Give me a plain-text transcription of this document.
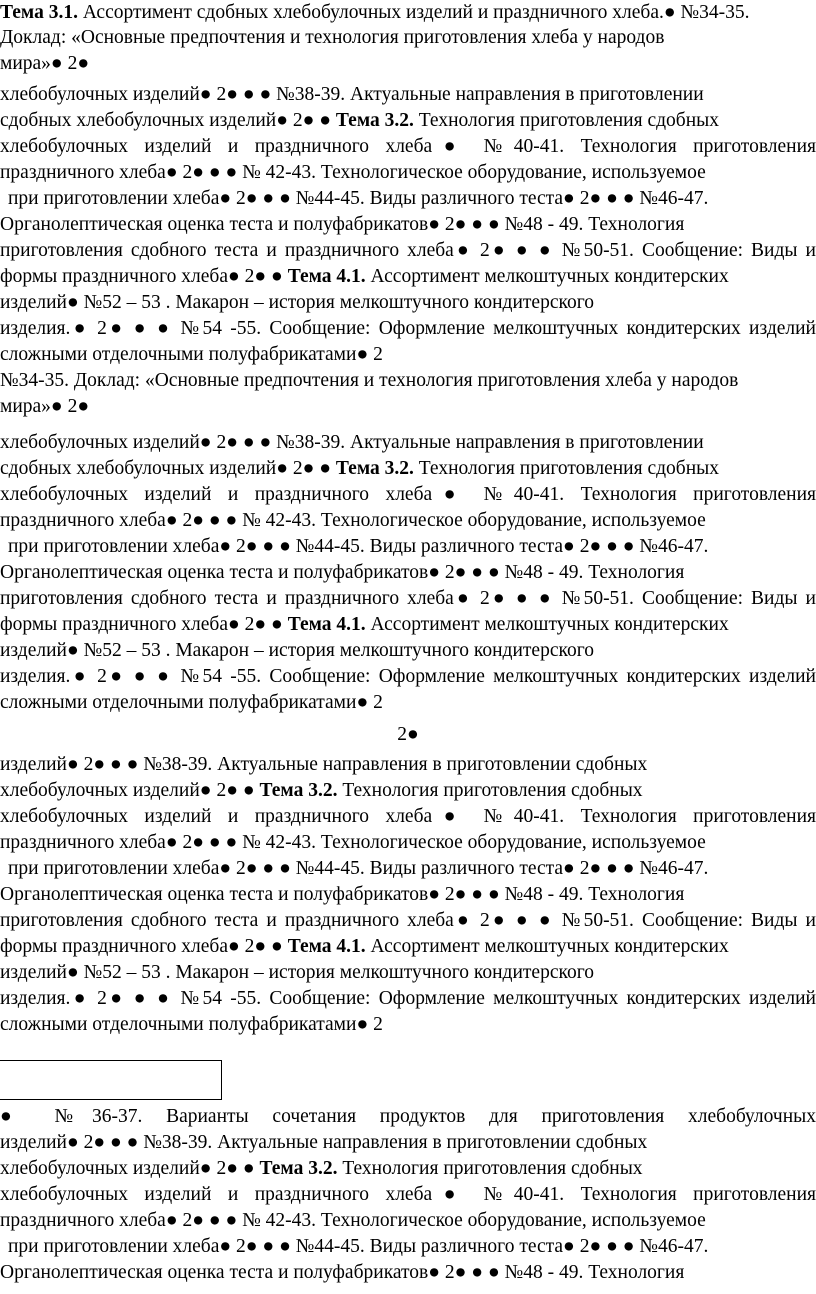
Тема 3.1. Ассортимент сдобных хлебобулочных изделий и праздничного хлеба.● №34-35.
Доклад: «Основные предпочтения и технология приготовления хлеба у народов
мира»● 2●
хлебобулочных изделий● 2● ● ● №38-39. Актуальные направления в приготовлении
сдобных хлебобулочных изделий● 2● ● Тема 3.2. Технология приготовления сдобных
хлебобулочных изделий и праздничного хлеба● №40-41. Технология приготовления
праздничного хлеба● 2● ● ● № 42-43. Технологическое оборудование, используемое
при приготовлении хлеба● 2● ● ● №44-45. Виды различного теста● 2● ● ● №46-47.
Органолептическая оценка теста и полуфабрикатов● 2● ● ● №48 - 49. Технология
приготовления сдобного теста и праздничного хлеба● 2● ● ● №50-51. Сообщение: Виды и
формы праздничного хлеба● 2● ● Тема 4.1. Ассортимент мелкоштучных кондитерских
изделий● №52 – 53 . Макарон – история мелкоштучного кондитерского
изделия.● 2● ● ● №54 -55. Сообщение: Оформление мелкоштучных кондитерских изделий
сложными отделочными полуфабрикатами● 2
№34-35. Доклад: «Основные предпочтения и технология приготовления хлеба у народов
мира»● 2●
хлебобулочных изделий● 2● ● ● №38-39. Актуальные направления в приготовлении
сдобных хлебобулочных изделий● 2● ● Тема 3.2. Технология приготовления сдобных
хлебобулочных изделий и праздничного хлеба● №40-41. Технология приготовления
праздничного хлеба● 2● ● ● № 42-43. Технологическое оборудование, используемое
при приготовлении хлеба● 2● ● ● №44-45. Виды различного теста● 2● ● ● №46-47.
Органолептическая оценка теста и полуфабрикатов● 2● ● ● №48 - 49. Технология
приготовления сдобного теста и праздничного хлеба● 2● ● ● №50-51. Сообщение: Виды и
формы праздничного хлеба● 2● ● Тема 4.1. Ассортимент мелкоштучных кондитерских
изделий● №52 – 53 . Макарон – история мелкоштучного кондитерского
изделия.● 2● ● ● №54 -55. Сообщение: Оформление мелкоштучных кондитерских изделий
сложными отделочными полуфабрикатами● 2
2●
изделий● 2● ● ● №38-39. Актуальные направления в приготовлении сдобных
хлебобулочных изделий● 2● ● Тема 3.2. Технология приготовления сдобных
хлебобулочных изделий и праздничного хлеба● №40-41. Технология приготовления
праздничного хлеба● 2● ● ● № 42-43. Технологическое оборудование, используемое
при приготовлении хлеба● 2● ● ● №44-45. Виды различного теста● 2● ● ● №46-47.
Органолептическая оценка теста и полуфабрикатов● 2● ● ● №48 - 49. Технология
приготовления сдобного теста и праздничного хлеба● 2● ● ● №50-51. Сообщение: Виды и
формы праздничного хлеба● 2● ● Тема 4.1. Ассортимент мелкоштучных кондитерских
изделий● №52 – 53 . Макарон – история мелкоштучного кондитерского
изделия.● 2● ● ● №54 -55. Сообщение: Оформление мелкоштучных кондитерских изделий
сложными отделочными полуфабрикатами● 2
● №36-37. Варианты сочетания продуктов для приготовления хлебобулочных
изделий● 2● ● ● №38-39. Актуальные направления в приготовлении сдобных
хлебобулочных изделий● 2● ● Тема 3.2. Технология приготовления сдобных
хлебобулочных изделий и праздничного хлеба● №40-41. Технология приготовления
праздничного хлеба● 2● ● ● № 42-43. Технологическое оборудование, используемое
при приготовлении хлеба● 2● ● ● №44-45. Виды различного теста● 2● ● ● №46-47.
Органолептическая оценка теста и полуфабрикатов● 2● ● ● №48 - 49. Технология
